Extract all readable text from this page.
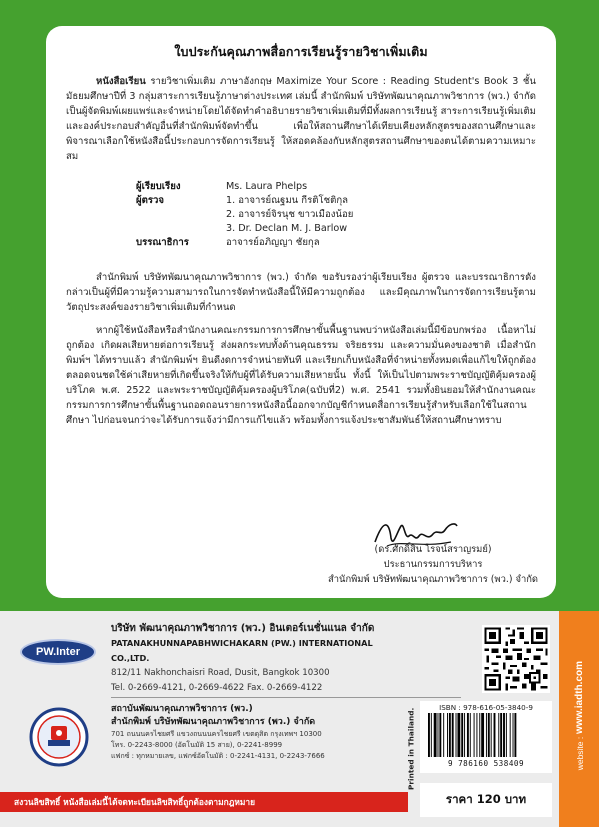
ใบประกันคุณภาพสื่อการเรียนรู้รายวิชาเพิ่มเติม

หนังสือเรียน รายวิชาเพิ่มเติม ภาษาอังกฤษ Maximize Your Score : Reading Student's Book 3 ชั้นมัธยมศึกษาปีที่ 3 กลุ่มสาระการเรียนรู้ภาษาต่างประเทศ เล่มนี้ สำนักพิมพ์ บริษัทพัฒนาคุณภาพวิชาการ (พว.) จำกัด เป็นผู้จัดพิมพ์เผยแพร่และจำหน่ายโดยได้จัดทำคำอธิบายรายวิชาเพิ่มเติมที่มีทั้งผลการเรียนรู้ สาระการเรียนรู้เพิ่มเติม และองค์ประกอบสำคัญอื่นที่สำนักพิมพ์จัดทำขึ้น เพื่อให้สถานศึกษาได้เทียบเคียงหลักสูตรของสถานศึกษาและพิจารณาเลือกใช้หนังสือนี้ประกอบการจัดการเรียนรู้ ให้สอดคล้องกับหลักสูตรสถานศึกษาของตนได้ตามความเหมาะสม

ผู้เรียบเรียง	Ms. Laura Phelps
ผู้ตรวจ	1. อาจารย์ณฐมน กีรติโชติกุล
2. อาจารย์จิรนุช ขาวเมืองน้อย
3. Dr. Declan M. J. Barlow
บรรณาธิการ	อาจารย์อภิญญา ชัยกุล

สำนักพิมพ์ บริษัทพัฒนาคุณภาพวิชาการ (พว.) จำกัด ขอรับรองว่าผู้เรียบเรียง ผู้ตรวจ และบรรณาธิการดังกล่าวเป็นผู้ที่มีความรู้ความสามารถในการจัดทำหนังสือนี้ให้มีความถูกต้อง และมีคุณภาพในการจัดการเรียนรู้ตามวัตถุประสงค์ของรายวิชาเพิ่มเติมที่กำหนด

หากผู้ใช้หนังสือหรือสำนักงานคณะกรรมการการศึกษาขั้นพื้นฐานพบว่าหนังสือเล่มนี้มีข้อบกพร่อง เนื้อหาไม่ถูกต้อง เกิดผลเสียหายต่อการเรียนรู้ ส่งผลกระทบทั้งด้านคุณธรรม จริยธรรม และความมั่นคงของชาติ เมื่อสำนักพิมพ์ฯ ได้ทราบแล้ว สำนักพิมพ์ฯ ยินดีงดการจำหน่ายทันที และเรียกเก็บหนังสือที่จำหน่ายทั้งหมดเพื่อแก้ไขให้ถูกต้อง ตลอดจนชดใช้ค่าเสียหายที่เกิดขึ้นจริงให้กับผู้ที่ได้รับความเสียหายนั้น ทั้งนี้ ให้เป็นไปตามพระราชบัญญัติคุ้มครองผู้บริโภค พ.ศ. 2522 และพระราชบัญญัติคุ้มครองผู้บริโภค(ฉบับที่2) พ.ศ. 2541 รวมทั้งยินยอมให้สำนักงานคณะกรรมการการศึกษาขั้นพื้นฐานถอดถอนรายการหนังสือนี้ออกจากบัญชีกำหนดสื่อการเรียนรู้สำหรับเลือกใช้ในสถานศึกษา ไปก่อนจนกว่าจะได้รับการแจ้งว่ามีการแก้ไขแล้ว พร้อมทั้งการแจ้งประชาสัมพันธ์ให้สถานศึกษาทราบ

(ดร.ศักดิ์สิน โรจน์สราญรมย์)
ประธานกรรมการบริหาร
สำนักพิมพ์ บริษัทพัฒนาคุณภาพวิชาการ (พว.) จำกัด
PW.Inter
บริษัท พัฒนาคุณภาพวิชาการ (พว.) อินเตอร์เนชั่นแนล จำกัด
PATANAKHUNNAPABHWICHAKARN (PW.) INTERNATIONAL CO.,LTD.
812/11 Nakhonchaisri Road, Dusit, Bangkok 10300
Tel. 0-2669-4121, 0-2669-4622 Fax. 0-2669-4122
สถาบันพัฒนาคุณภาพวิชาการ (พว.)
สำนักพิมพ์ บริษัทพัฒนาคุณภาพวิชาการ (พว.) จำกัด
701 ถนนนครไชยศรี แขวงถนนนครไชยศรี เขตดุสิต กรุงเทพฯ 10300
โทร. 0-2243-8000 (อัตโนมัติ 15 สาย), 0-2241-8999
แฟกซ์ : ทุกหมายเลข, แฟกซ์อัตโนมัติ : 0-2241-4131, 0-2243-7666
สงวนลิขสิทธิ์ หนังสือเล่มนี้ได้จดทะเบียนลิขสิทธิ์ถูกต้องตามกฎหมาย
Printed in Thailand.
ISBN : 978-616-05-3840-9
9 786160 538409
ราคา 120 บาท
website : www.iadth.com
